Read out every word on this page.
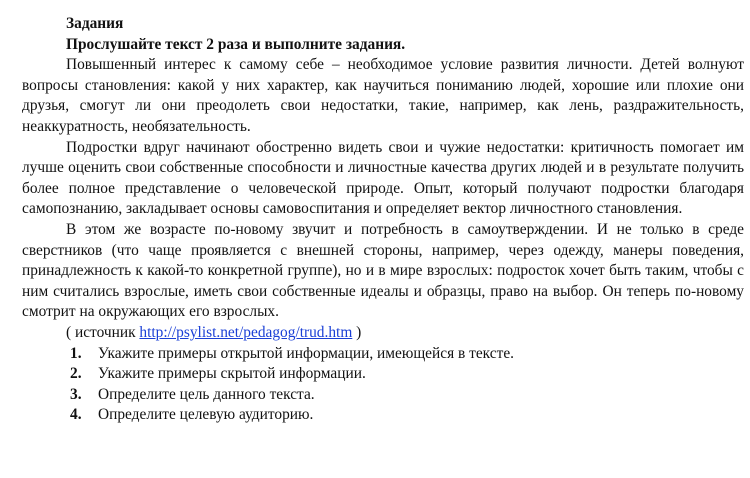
Задания

Прослушайте текст 2 раза и выполните задания.

Повышенный интерес к самому себе – необходимое условие развития личности. Детей волнуют вопросы становления: какой у них характер, как научиться пониманию людей, хорошие или плохие они друзья, смогут ли они преодолеть свои недостатки, такие, например, как лень, раздражительность, неаккуратность, необязательность.

Подростки вдруг начинают обостренно видеть свои и чужие недостатки: критичность помогает им лучше оценить свои собственные способности и личностные качества других людей и в результате получить более полное представление о человеческой природе. Опыт, который получают подростки благодаря самопознанию, закладывает основы самовоспитания и определяет вектор личностного становления.

В этом же возрасте по-новому звучит и потребность в самоутверждении. И не только в среде сверстников (что чаще проявляется с внешней стороны, например, через одежду, манеры поведения, принадлежность к какой-то конкретной группе), но и в мире взрослых: подросток хочет быть таким, чтобы с ним считались взрослые, иметь свои собственные идеалы и образцы, право на выбор. Он теперь по-новому смотрит на окружающих его взрослых.

( источник http://psylist.net/pedagog/trud.htm )

1. Укажите примеры открытой информации, имеющейся в тексте.
2. Укажите примеры скрытой информации.
3. Определите цель данного текста.
4. Определите целевую аудиторию.
